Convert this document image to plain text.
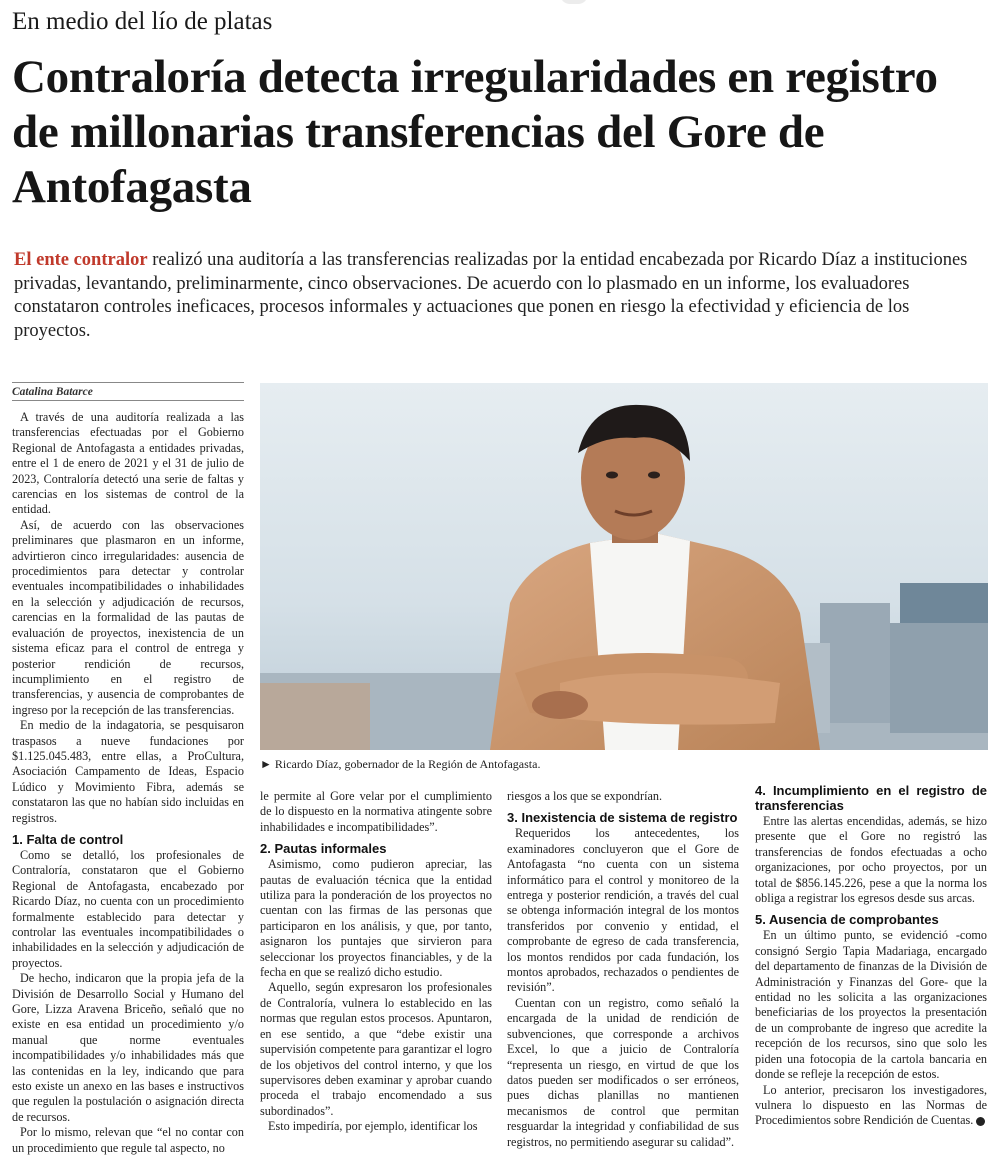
En medio del lío de platas
Contraloría detecta irregularidades en registro de millonarias transferencias del Gore de Antofagasta

El ente contralor realizó una auditoría a las transferencias realizadas por la entidad encabezada por Ricardo Díaz a instituciones privadas, levantando, preliminarmente, cinco observaciones. De acuerdo con lo plasmado en un informe, los evaluadores constataron controles ineficaces, procesos informales y actuaciones que ponen en riesgo la efectividad y eficiencia de los proyectos.

Catalina Batarce
► Ricardo Díaz, gobernador de la Región de Antofagasta.

A través de una auditoría realizada a las transferencias efectuadas por el Gobierno Regional de Antofagasta a entidades privadas, entre el 1 de enero de 2021 y el 31 de julio de 2023, Contraloría detectó una serie de faltas y carencias en los sistemas de control de la entidad.

Así, de acuerdo con las observaciones preliminares que plasmaron en un informe, advirtieron cinco irregularidades: ausencia de procedimientos para detectar y controlar eventuales incompatibilidades o inhabilidades en la selección y adjudicación de recursos, carencias en la formalidad de las pautas de evaluación de proyectos, inexistencia de un sistema eficaz para el control de entrega y posterior rendición de recursos, incumplimiento en el registro de transferencias, y ausencia de comprobantes de ingreso por la recepción de las transferencias.

En medio de la indagatoria, se pesquisaron traspasos a nueve fundaciones por $1.125.045.483, entre ellas, a ProCultura, Asociación Campamento de Ideas, Espacio Lúdico y Movimiento Fibra, además se constataron las que no habían sido incluidas en registros.

1. Falta de control

Como se detalló, los profesionales de Contraloría, constataron que el Gobierno Regional de Antofagasta, encabezado por Ricardo Díaz, no cuenta con un procedimiento formalmente establecido para detectar y controlar las eventuales incompatibilidades o inhabilidades en la selección y adjudicación de proyectos.

De hecho, indicaron que la propia jefa de la División de Desarrollo Social y Humano del Gore, Lizza Aravena Briceño, señaló que no existe en esa entidad un procedimiento y/o manual que norme eventuales incompatibilidades y/o inhabilidades más que las contenidas en la ley, indicando que para esto existe un anexo en las bases e instructivos que regulen la postulación o asignación directa de recursos.

Por lo mismo, relevan que “el no contar con un procedimiento que regule tal aspecto, no

le permite al Gore velar por el cumplimiento de lo dispuesto en la normativa atingente sobre inhabilidades e incompatibilidades”.

2. Pautas informales

Asimismo, como pudieron apreciar, las pautas de evaluación técnica que la entidad utiliza para la ponderación de los proyectos no cuentan con las firmas de las personas que participaron en los análisis, y que, por tanto, asignaron los puntajes que sirvieron para seleccionar los proyectos financiables, y de la fecha en que se realizó dicho estudio.

Aquello, según expresaron los profesionales de Contraloría, vulnera lo establecido en las normas que regulan estos procesos. Apuntaron, en ese sentido, a que “debe existir una supervisión competente para garantizar el logro de los objetivos del control interno, y que los supervisores deben examinar y aprobar cuando proceda el trabajo encomendado a sus subordinados”.

Esto impediría, por ejemplo, identificar los

riesgos a los que se expondrían.

3. Inexistencia de sistema de registro

Requeridos los antecedentes, los examinadores concluyeron que el Gore de Antofagasta “no cuenta con un sistema informático para el control y monitoreo de la entrega y posterior rendición, a través del cual se obtenga información integral de los montos transferidos por convenio y entidad, el comprobante de egreso de cada transferencia, los montos rendidos por cada fundación, los montos aprobados, rechazados o pendientes de revisión”.

Cuentan con un registro, como señaló la encargada de la unidad de rendición de subvenciones, que corresponde a archivos Excel, lo que a juicio de Contraloría “representa un riesgo, en virtud de que los datos pueden ser modificados o ser erróneos, pues dichas planillas no mantienen mecanismos de control que permitan resguardar la integridad y confiabilidad de sus registros, no permitiendo asegurar su calidad”.

4. Incumplimiento en el registro de transferencias

Entre las alertas encendidas, además, se hizo presente que el Gore no registró las transferencias de fondos efectuadas a ocho organizaciones, por ocho proyectos, por un total de $856.145.226, pese a que la norma los obliga a registrar los egresos desde sus arcas.

5. Ausencia de comprobantes

En un último punto, se evidenció -como consignó Sergio Tapia Madariaga, encargado del departamento de finanzas de la División de Administración y Finanzas del Gore- que la entidad no les solicita a las organizaciones beneficiarias de los proyectos la presentación de un comprobante de ingreso que acredite la recepción de los recursos, sino que solo les piden una fotocopia de la cartola bancaria en donde se refleje la recepción de estos.

Lo anterior, precisaron los investigadores, vulnera lo dispuesto en las Normas de Procedimientos sobre Rendición de Cuentas.
